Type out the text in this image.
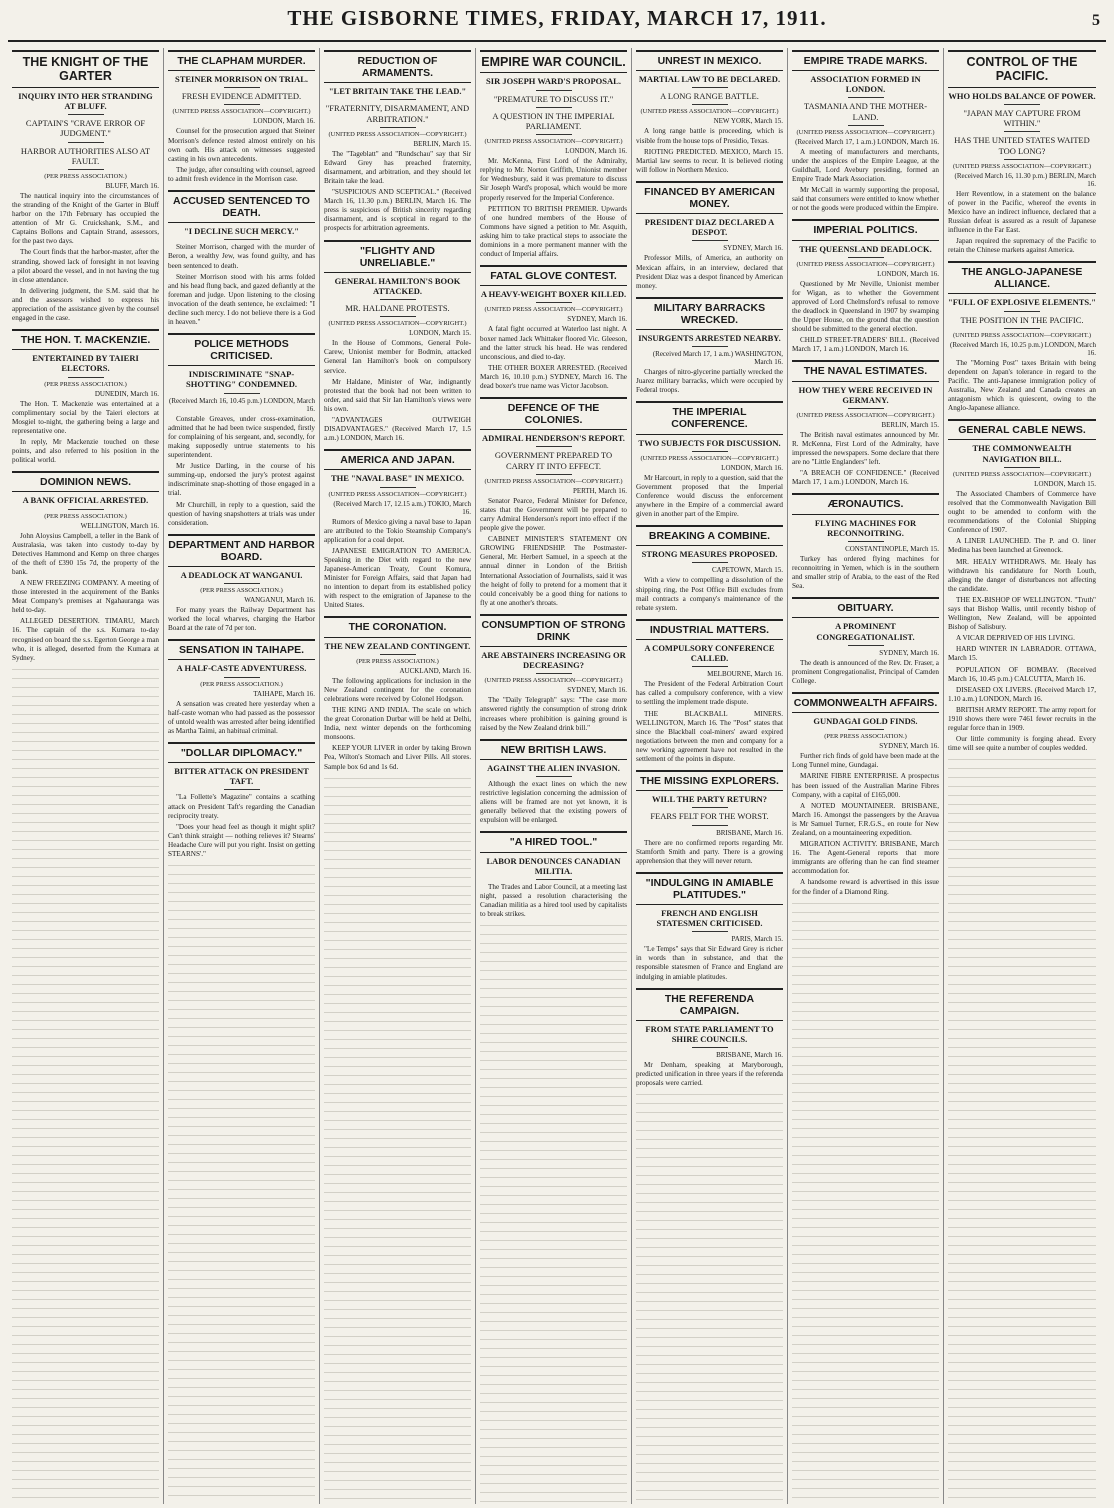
THE GISBORNE TIMES, FRIDAY, MARCH 17, 1911.	5
THE KNIGHT OF THE GARTER
INQUIRY INTO HER STRANDING AT BLUFF.
CAPTAIN'S "CRAVE ERROR OF JUDGMENT."
HARBOR AUTHORITIES ALSO AT FAULT.
(PER PRESS ASSOCIATION.)
BLUFF, March 16.

The nautical inquiry into the circumstances of the stranding of the Knight of the Garter in Bluff harbor on the 17th February has occupied the attention of Mr G. Cruickshank, S.M., and Captains Bollons and Captain Strand, assessors, for the past two days.

The Court finds that the harbor-master, after the stranding, showed lack of foresight in not leaving a pilot aboard the vessel, and in not having the tug in close attendance.

In delivering judgment, the S.M. said that he and the assessors wished to express his appreciation of the assistance given by the counsel engaged in the case.

THE HON. T. MACKENZIE.
ENTERTAINED BY TAIERI ELECTORS.
(PER PRESS ASSOCIATION.)
DUNEDIN, March 16.

The Hon. T. Mackenzie was entertained at a complimentary social by the Taieri electors at Mosgiel to-night, the gathering being a large and representative one.

In reply, Mr Mackenzie touched on these points, and also referred to his position in the political world.

DOMINION NEWS.
A BANK OFFICIAL ARRESTED.
(PER PRESS ASSOCIATION.)
WELLINGTON, March 16.

John Aloysius Campbell, a teller in the Bank of Australasia, was taken into custody to-day by Detectives Hammond and Kemp on three charges of the theft of £390 15s 7d, the property of the bank.

A NEW FREEZING COMPANY. A meeting of those interested in the acquirement of the Banks Meat Company's premises at Ngahauranga was held to-day.

ALLEGED DESERTION. TIMARU, March 16. The captain of the s.s. Kumara to-day recognised on board the s.s. Egerton George a man who, it is alleged, deserted from the Kumara at Sydney.

THE CLAPHAM MURDER.
STEINER MORRISON ON TRIAL.
FRESH EVIDENCE ADMITTED.
(UNITED PRESS ASSOCIATION—COPYRIGHT.)
LONDON, March 16.

Counsel for the prosecution argued that Steiner Morrison's defence rested almost entirely on his own oath. His attack on witnesses suggested casting in his own antecedents.

The judge, after consulting with counsel, agreed to admit fresh evidence in the Morrison case.

ACCUSED SENTENCED TO DEATH.
"I DECLINE SUCH MERCY."

Steiner Morrison, charged with the murder of Beron, a wealthy Jew, was found guilty, and has been sentenced to death.

Steiner Morrison stood with his arms folded and his head flung back, and gazed defiantly at the foreman and judge. Upon listening to the closing invocation of the death sentence, he exclaimed: "I decline such mercy. I do not believe there is a God in heaven."

POLICE METHODS CRITICISED.
INDISCRIMINATE "SNAP-SHOTTING" CONDEMNED.
(Received March 16, 10.45 p.m.) LONDON, March 16.

Constable Greaves, under cross-examination, admitted that he had been twice suspended, firstly for complaining of his sergeant, and, secondly, for making supposedly untrue statements to his superintendent.

Mr Justice Darling, in the course of his summing-up, endorsed the jury's protest against indiscriminate snap-shotting of those engaged in a trial.

Mr Churchill, in reply to a question, said the question of having snapshotters at trials was under consideration.

DEPARTMENT AND HARBOR BOARD.
A DEADLOCK AT WANGANUI.
(PER PRESS ASSOCIATION.)
WANGANUI, March 16.

For many years the Railway Department has worked the local wharves, charging the Harbor Board at the rate of 7d per ton.

SENSATION IN TAIHAPE.
A HALF-CASTE ADVENTURESS.
(PER PRESS ASSOCIATION.)
TAIHAPE, March 16.

A sensation was created here yesterday when a half-caste woman who had passed as the possessor of untold wealth was arrested after being identified as Martha Taimi, an habitual criminal.

"DOLLAR DIPLOMACY."
BITTER ATTACK ON PRESIDENT TAFT.

"La Follette's Magazine" contains a scathing attack on President Taft's regarding the Canadian reciprocity treaty.

"Does your head feel as though it might split? Can't think straight — nothing relieves it? Stearns' Headache Cure will put you right. Insist on getting STEARNS'."

REDUCTION OF ARMAMENTS.
"LET BRITAIN TAKE THE LEAD."
"FRATERNITY, DISARMAMENT, AND ARBITRATION."
(UNITED PRESS ASSOCIATION—COPYRIGHT.)
BERLIN, March 15.

The "Tageblatt" and "Rundschau" say that Sir Edward Grey has preached fraternity, disarmament, and arbitration, and they should let Britain take the lead.

"SUSPICIOUS AND SCEPTICAL." (Received March 16, 11.30 p.m.) BERLIN, March 16. The press is suspicious of British sincerity regarding disarmament, and is sceptical in regard to the prospects for arbitration agreements.

"FLIGHTY AND UNRELIABLE."
GENERAL HAMILTON'S BOOK ATTACKED.
MR. HALDANE PROTESTS.
(UNITED PRESS ASSOCIATION—COPYRIGHT.)
LONDON, March 15.

In the House of Commons, General Pole-Carew, Unionist member for Bodmin, attacked General Ian Hamilton's book on compulsory service.

Mr Haldane, Minister of War, indignantly protested that the book had not been written to order, and said that Sir Ian Hamilton's views were his own.

"ADVANTAGES OUTWEIGH DISADVANTAGES." (Received March 17, 1.5 a.m.) LONDON, March 16.

AMERICA AND JAPAN.
THE "NAVAL BASE" IN MEXICO.
(UNITED PRESS ASSOCIATION—COPYRIGHT.)
(Received March 17, 12.15 a.m.) TOKIO, March 16.

Rumors of Mexico giving a naval base to Japan are attributed to the Tokio Steamship Company's application for a coal depot.

JAPANESE EMIGRATION TO AMERICA. Speaking in the Diet with regard to the new Japanese-American Treaty, Count Komura, Minister for Foreign Affairs, said that Japan had no intention to depart from its established policy with respect to the emigration of Japanese to the United States.

THE CORONATION.
THE NEW ZEALAND CONTINGENT.
(PER PRESS ASSOCIATION.)
AUCKLAND, March 16.

The following applications for inclusion in the New Zealand contingent for the coronation celebrations were received by Colonel Hodgson.

THE KING AND INDIA. The scale on which the great Coronation Durbar will be held at Delhi, India, next winter depends on the forthcoming monsoons.

KEEP YOUR LIVER in order by taking Brown Pea, Wilton's Stomach and Liver Pills. All stores. Sample box 6d and 1s 6d.

EMPIRE WAR COUNCIL.
SIR JOSEPH WARD'S PROPOSAL.
"PREMATURE TO DISCUSS IT."
A QUESTION IN THE IMPERIAL PARLIAMENT.
(UNITED PRESS ASSOCIATION—COPYRIGHT.)
LONDON, March 16.

Mr. McKenna, First Lord of the Admiralty, replying to Mr. Norton Griffith, Unionist member for Wednesbury, said it was premature to discuss Sir Joseph Ward's proposal, which would be more properly reserved for the Imperial Conference.

PETITION TO BRITISH PREMIER. Upwards of one hundred members of the House of Commons have signed a petition to Mr. Asquith, asking him to take practical steps to associate the dominions in a more permanent manner with the conduct of Imperial affairs.

FATAL GLOVE CONTEST.
A HEAVY-WEIGHT BOXER KILLED.
(UNITED PRESS ASSOCIATION—COPYRIGHT.)
SYDNEY, March 16.

A fatal fight occurred at Waterloo last night. A boxer named Jack Whittaker floored Vic. Gleeson, and the latter struck his head. He was rendered unconscious, and died to-day.

THE OTHER BOXER ARRESTED. (Received March 16, 10.10 p.m.) SYDNEY, March 16. The dead boxer's true name was Victor Jacobson.

DEFENCE OF THE COLONIES.
ADMIRAL HENDERSON'S REPORT.
GOVERNMENT PREPARED TO CARRY IT INTO EFFECT.
(UNITED PRESS ASSOCIATION—COPYRIGHT.)
PERTH, March 16.

Senator Pearce, Federal Minister for Defence, states that the Government will be prepared to carry Admiral Henderson's report into effect if the people give the power.

CABINET MINISTER'S STATEMENT ON GROWING FRIENDSHIP. The Postmaster-General, Mr. Herbert Samuel, in a speech at the annual dinner in London of the British International Association of Journalists, said it was the height of folly to pretend for a moment that it could conceivably be a good thing for nations to fly at one another's throats.

CONSUMPTION OF STRONG DRINK
ARE ABSTAINERS INCREASING OR DECREASING?
(UNITED PRESS ASSOCIATION—COPYRIGHT.)
SYDNEY, March 16.

The "Daily Telegraph" says: "The case more answered rightly the consumption of strong drink increases where prohibition is gaining ground is raised by the New Zealand drink bill."

NEW BRITISH LAWS.
AGAINST THE ALIEN INVASION.

Although the exact lines on which the new restrictive legislation concerning the admission of aliens will be framed are not yet known, it is generally believed that the existing powers of expulsion will be enlarged.

"A HIRED TOOL."
LABOR DENOUNCES CANADIAN MILITIA.

The Trades and Labor Council, at a meeting last night, passed a resolution characterising the Canadian militia as a hired tool used by capitalists to break strikes.

UNREST IN MEXICO.
MARTIAL LAW TO BE DECLARED.
A LONG RANGE BATTLE.
(UNITED PRESS ASSOCIATION—COPYRIGHT.)
NEW YORK, March 15.

A long range battle is proceeding, which is visible from the house tops of Presidio, Texas.

RIOTING PREDICTED. MEXICO, March 15. Martial law seems to recur. It is believed rioting will follow in Northern Mexico.

FINANCED BY AMERICAN MONEY.
PRESIDENT DIAZ DECLARED A DESPOT.
SYDNEY, March 16.

Professor Mills, of America, an authority on Mexican affairs, in an interview, declared that President Diaz was a despot financed by American money.

MILITARY BARRACKS WRECKED.
INSURGENTS ARRESTED NEARBY.
(Received March 17, 1 a.m.) WASHINGTON, March 16.

Charges of nitro-glycerine partially wrecked the Juarez military barracks, which were occupied by Federal troops.

THE IMPERIAL CONFERENCE.
TWO SUBJECTS FOR DISCUSSION.
(UNITED PRESS ASSOCIATION—COPYRIGHT.)
LONDON, March 16.

Mr Harcourt, in reply to a question, said that the Government proposed that the Imperial Conference would discuss the enforcement anywhere in the Empire of a commercial award given in another part of the Empire.

BREAKING A COMBINE.
STRONG MEASURES PROPOSED.
CAPETOWN, March 15.

With a view to compelling a dissolution of the shipping ring, the Post Office Bill excludes from mail contracts a company's maintenance of the rebate system.

INDUSTRIAL MATTERS.
A COMPULSORY CONFERENCE CALLED.
MELBOURNE, March 16.

The President of the Federal Arbitration Court has called a compulsory conference, with a view to settling the implement trade dispute.

THE BLACKBALL MINERS. WELLINGTON, March 16. The "Post" states that since the Blackball coal-miners' award expired negotiations between the men and company for a new working agreement have not resulted in the settlement of the points in dispute.

THE MISSING EXPLORERS.
WILL THE PARTY RETURN?
FEARS FELT FOR THE WORST.
BRISBANE, March 16.

There are no confirmed reports regarding Mr. Stamforth Smith and party. There is a growing apprehension that they will never return.

"INDULGING IN AMIABLE PLATITUDES."
FRENCH AND ENGLISH STATESMEN CRITICISED.
PARIS, March 15.

"Le Temps" says that Sir Edward Grey is richer in words than in substance, and that the responsible statesmen of France and England are indulging in amiable platitudes.

THE REFERENDA CAMPAIGN.
FROM STATE PARLIAMENT TO SHIRE COUNCILS.
BRISBANE, March 16.

Mr Denham, speaking at Maryborough, predicted unification in three years if the referenda proposals were carried.

EMPIRE TRADE MARKS.
ASSOCIATION FORMED IN LONDON.
TASMANIA AND THE MOTHER-LAND.
(UNITED PRESS ASSOCIATION—COPYRIGHT.)
(Received March 17, 1 a.m.) LONDON, March 16.

A meeting of manufacturers and merchants, under the auspices of the Empire League, at the Guildhall, Lord Avebury presiding, formed an Empire Trade Mark Association.

Mr McCall in warmly supporting the proposal, said that consumers were entitled to know whether or not the goods were produced within the Empire.

IMPERIAL POLITICS.
THE QUEENSLAND DEADLOCK.
(UNITED PRESS ASSOCIATION—COPYRIGHT.)
LONDON, March 16.

Questioned by Mr Neville, Unionist member for Wigan, as to whether the Government approved of Lord Chelmsford's refusal to remove the deadlock in Queensland in 1907 by swamping the Upper House, on the ground that the question should be submitted to the general election.

CHILD STREET-TRADERS' BILL. (Received March 17, 1 a.m.) LONDON, March 16.

THE NAVAL ESTIMATES.
HOW THEY WERE RECEIVED IN GERMANY.
(UNITED PRESS ASSOCIATION—COPYRIGHT.)
BERLIN, March 15.

The British naval estimates announced by Mr. R. McKenna, First Lord of the Admiralty, have impressed the newspapers. Some declare that there are no "Little Englanders" left.

"A BREACH OF CONFIDENCE." (Received March 17, 1 a.m.) LONDON, March 16.

ÆRONAUTICS.
FLYING MACHINES FOR RECONNOITRING.
CONSTANTINOPLE, March 15.

Turkey has ordered flying machines for reconnoitring in Yemen, which is in the southern and smaller strip of Arabia, to the east of the Red Sea.

OBITUARY.
A PROMINENT CONGREGATIONALIST.
SYDNEY, March 16.

The death is announced of the Rev. Dr. Fraser, a prominent Congregationalist, Principal of Camden College.

COMMONWEALTH AFFAIRS.
GUNDAGAI GOLD FINDS.
(PER PRESS ASSOCIATION.)
SYDNEY, March 16.

Further rich finds of gold have been made at the Long Tunnel mine, Gundagai.

MARINE FIBRE ENTERPRISE. A prospectus has been issued of the Australian Marine Fibres Company, with a capital of £165,000.

A NOTED MOUNTAINEER. BRISBANE, March 16. Amongst the passengers by the Aravua is Mr Samuel Turner, F.R.G.S., en route for New Zealand, on a mountaineering expedition.

MIGRATION ACTIVITY. BRISBANE, March 16. The Agent-General reports that more immigrants are offering than he can find steamer accommodation for.

A handsome reward is advertised in this issue for the finder of a Diamond Ring.

CONTROL OF THE PACIFIC.
WHO HOLDS BALANCE OF POWER.
"JAPAN MAY CAPTURE FROM WITHIN."
HAS THE UNITED STATES WAITED TOO LONG?
(UNITED PRESS ASSOCIATION—COPYRIGHT.)
(Received March 16, 11.30 p.m.) BERLIN, March 16.

Herr Reventlow, in a statement on the balance of power in the Pacific, whereof the events in Mexico have an indirect influence, declared that a Russian defeat is assured as a result of Japanese influence in the Far East.

Japan required the supremacy of the Pacific to retain the Chinese markets against America.

THE ANGLO-JAPANESE ALLIANCE.
"FULL OF EXPLOSIVE ELEMENTS."
THE POSITION IN THE PACIFIC.
(UNITED PRESS ASSOCIATION—COPYRIGHT.)
(Received March 16, 10.25 p.m.) LONDON, March 16.

The "Morning Post" taxes Britain with being dependent on Japan's tolerance in regard to the Pacific. The anti-Japanese immigration policy of Australia, New Zealand and Canada creates an antagonism which is quiescent, owing to the Anglo-Japanese alliance.

GENERAL CABLE NEWS.
THE COMMONWEALTH NAVIGATION BILL.
(UNITED PRESS ASSOCIATION—COPYRIGHT.)
LONDON, March 15.

The Associated Chambers of Commerce have resolved that the Commonwealth Navigation Bill ought to be amended to conform with the recommendations of the Colonial Shipping Conference of 1907.

A LINER LAUNCHED. The P. and O. liner Medina has been launched at Greenock.

MR. HEALY WITHDRAWS. Mr. Healy has withdrawn his candidature for North Louth, alleging the danger of disturbances not affecting the candidate.

THE EX-BISHOP OF WELLINGTON. "Truth" says that Bishop Wallis, until recently bishop of Wellington, New Zealand, will be appointed Bishop of Salisbury.

A VICAR DEPRIVED OF HIS LIVING.

HARD WINTER IN LABRADOR. OTTAWA, March 15.

POPULATION OF BOMBAY. (Received March 16, 10.45 p.m.) CALCUTTA, March 16.

DISEASED OX LIVERS. (Received March 17, 1.10 a.m.) LONDON, March 16.

BRITISH ARMY REPORT. The army report for 1910 shows there were 7461 fewer recruits in the regular force than in 1909.

Our little community is forging ahead. Every time will see quite a number of couples wedded.
